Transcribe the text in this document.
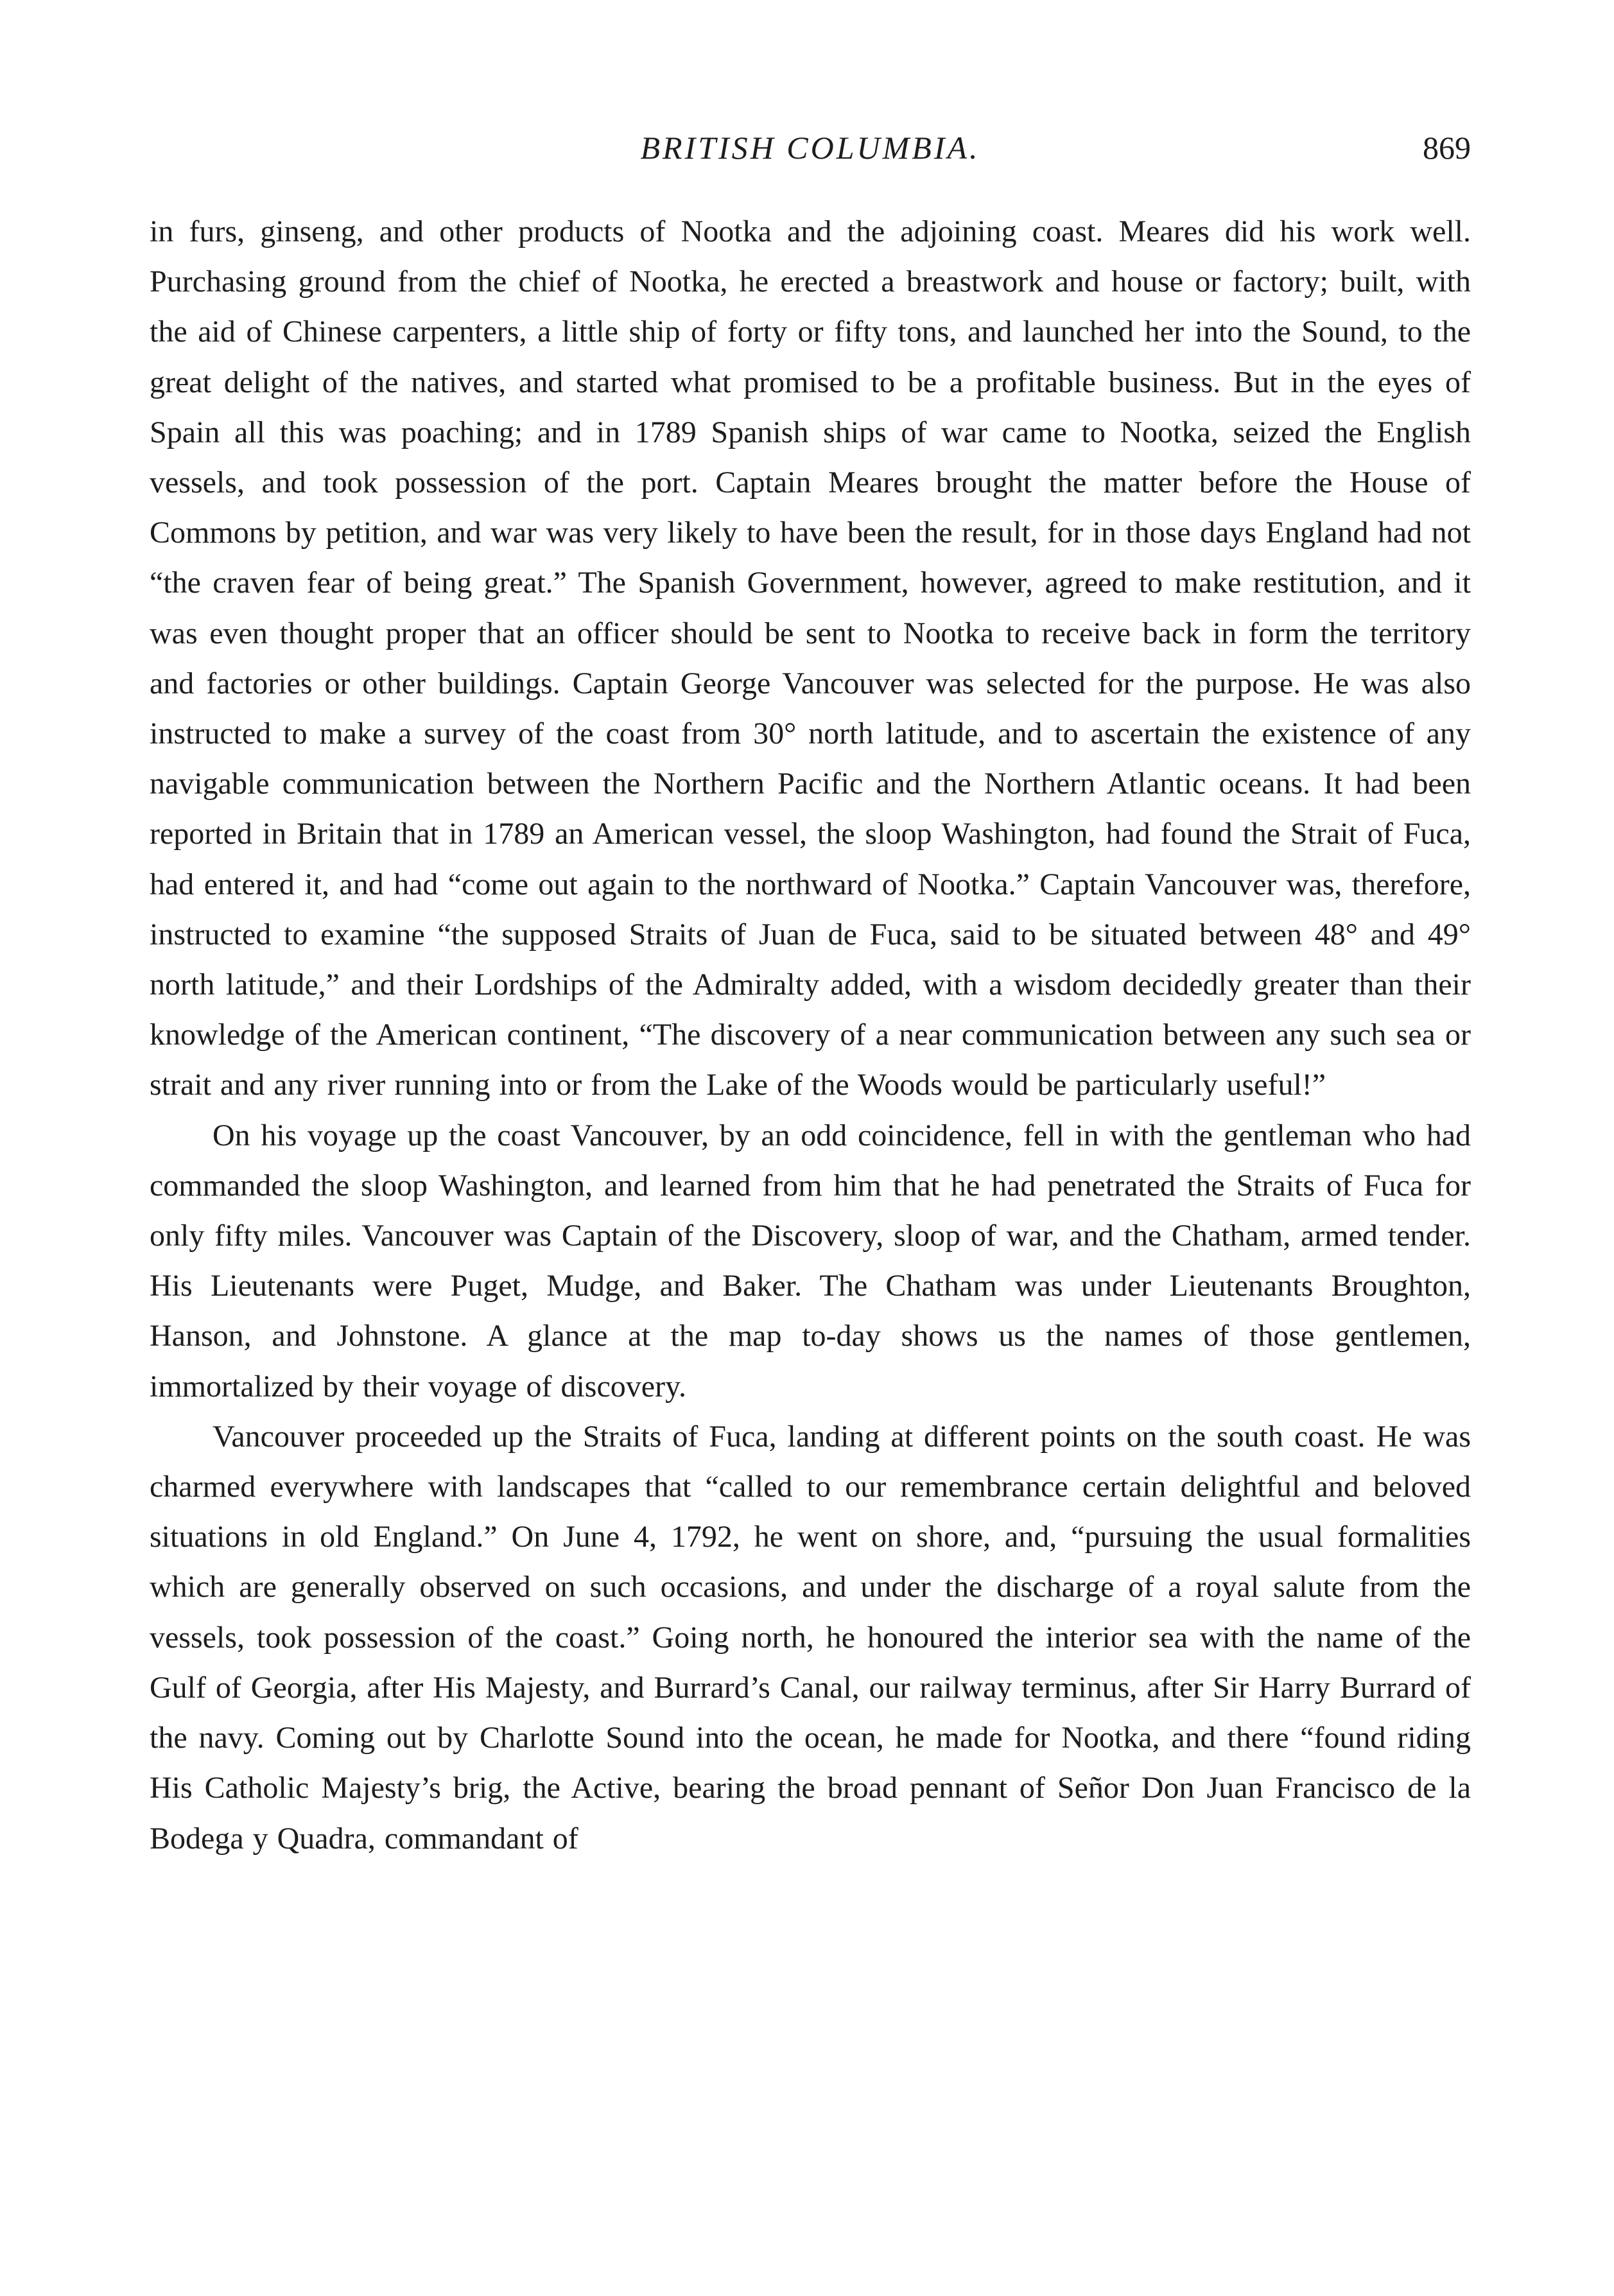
BRITISH COLUMBIA.	869

in furs, ginseng, and other products of Nootka and the adjoining coast. Meares did his work well. Purchasing ground from the chief of Nootka, he erected a breastwork and house or factory; built, with the aid of Chinese carpenters, a little ship of forty or fifty tons, and launched her into the Sound, to the great delight of the natives, and started what promised to be a profitable business. But in the eyes of Spain all this was poaching; and in 1789 Spanish ships of war came to Nootka, seized the English vessels, and took possession of the port. Captain Meares brought the matter before the House of Commons by petition, and war was very likely to have been the result, for in those days England had not “the craven fear of being great.” The Spanish Government, however, agreed to make restitution, and it was even thought proper that an officer should be sent to Nootka to receive back in form the territory and factories or other buildings. Captain George Vancouver was selected for the purpose. He was also instructed to make a survey of the coast from 30° north latitude, and to ascertain the existence of any navigable communication between the Northern Pacific and the Northern Atlantic oceans. It had been reported in Britain that in 1789 an American vessel, the sloop Washington, had found the Strait of Fuca, had entered it, and had “come out again to the northward of Nootka.” Captain Vancouver was, therefore, instructed to examine “the supposed Straits of Juan de Fuca, said to be situated between 48° and 49° north latitude,” and their Lordships of the Admiralty added, with a wisdom decidedly greater than their knowledge of the American continent, “The discovery of a near communication between any such sea or strait and any river running into or from the Lake of the Woods would be particularly useful!”

On his voyage up the coast Vancouver, by an odd coincidence, fell in with the gentleman who had commanded the sloop Washington, and learned from him that he had penetrated the Straits of Fuca for only fifty miles. Vancouver was Captain of the Discovery, sloop of war, and the Chatham, armed tender. His Lieutenants were Puget, Mudge, and Baker. The Chatham was under Lieutenants Broughton, Hanson, and Johnstone. A glance at the map to-day shows us the names of those gentlemen, immortalized by their voyage of discovery.

Vancouver proceeded up the Straits of Fuca, landing at different points on the south coast. He was charmed everywhere with landscapes that “called to our remembrance certain delightful and beloved situations in old England.” On June 4, 1792, he went on shore, and, “pursuing the usual formalities which are generally observed on such occasions, and under the discharge of a royal salute from the vessels, took possession of the coast.” Going north, he honoured the interior sea with the name of the Gulf of Georgia, after His Majesty, and Burrard’s Canal, our railway terminus, after Sir Harry Burrard of the navy. Coming out by Charlotte Sound into the ocean, he made for Nootka, and there “found riding His Catholic Majesty’s brig, the Active, bearing the broad pennant of Señor Don Juan Francisco de la Bodega y Quadra, commandant of
